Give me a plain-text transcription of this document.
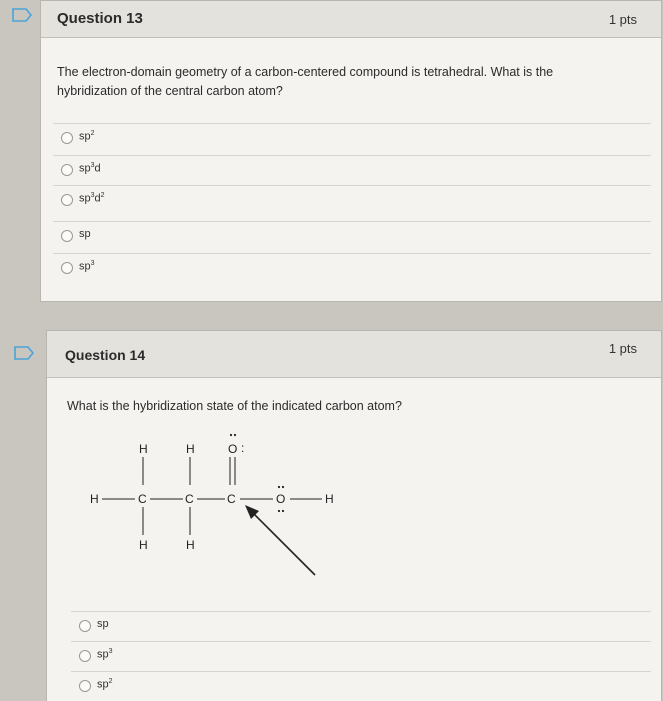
Question 13	1 pts
The electron-domain geometry of a carbon-centered compound is tetrahedral. What is the hybridization of the central carbon atom?
$sp^2$
$sp^3d$
$sp^3d^2$
sp
$sp^3$
Question 14	1 pts
What is the hybridization state of the indicated carbon atom?
H	H	O :
H	C	C	C	O	H
H	H
sp
$sp^3$
$sp^2$
